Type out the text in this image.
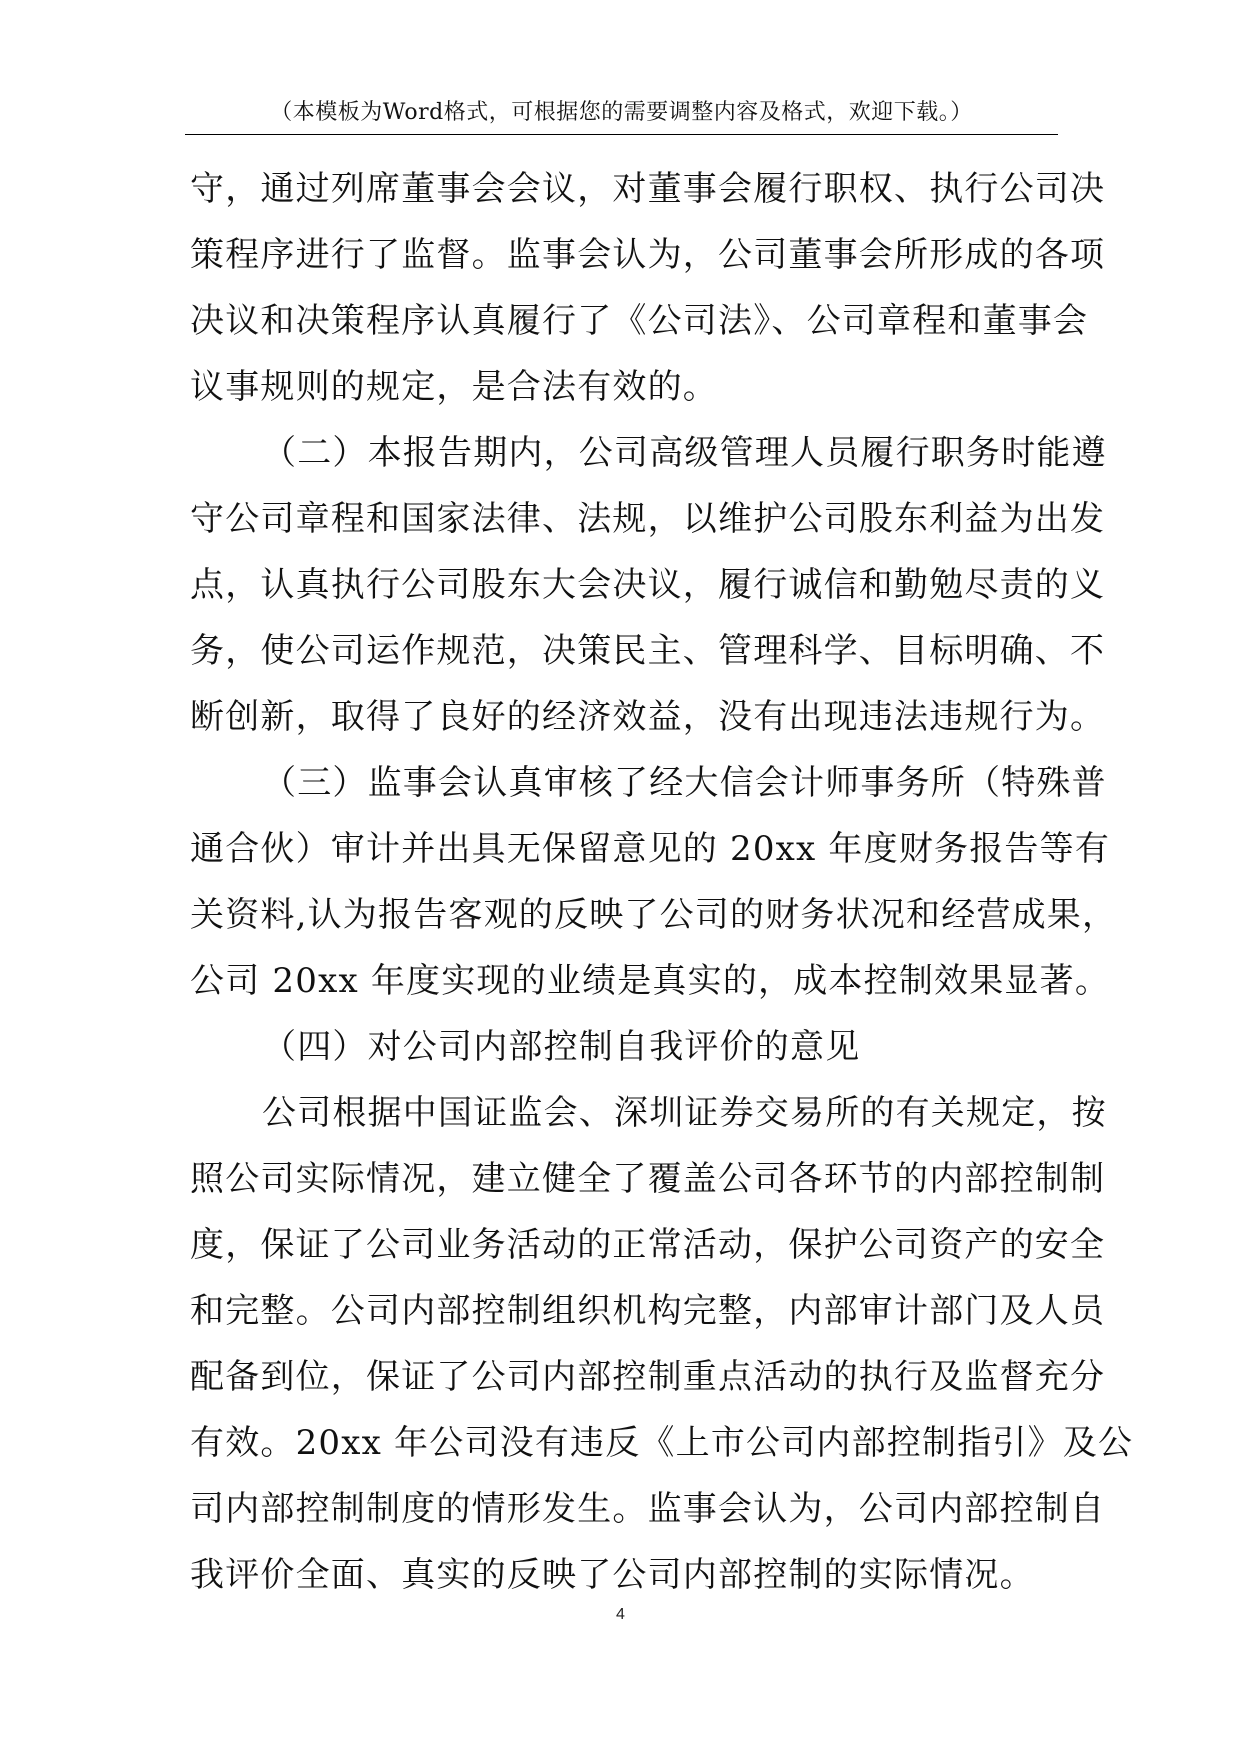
（本模板为Word格式，可根据您的需要调整内容及格式，欢迎下载。）
守，通过列席董事会会议，对董事会履行职权、执行公司决
策程序进行了监督。监事会认为，公司董事会所形成的各项
决议和决策程序认真履行了《公司法》、公司章程和董事会
议事规则的规定，是合法有效的。
（二）本报告期内，公司高级管理人员履行职务时能遵
守公司章程和国家法律、法规，以维护公司股东利益为出发
点，认真执行公司股东大会决议，履行诚信和勤勉尽责的义
务，使公司运作规范，决策民主、管理科学、目标明确、不
断创新，取得了良好的经济效益，没有出现违法违规行为。
（三）监事会认真审核了经大信会计师事务所（特殊普
通合伙）审计并出具无保留意见的 20xx 年度财务报告等有
关资料,认为报告客观的反映了公司的财务状况和经营成果，
公司 20xx 年度实现的业绩是真实的，成本控制效果显著。
（四）对公司内部控制自我评价的意见
公司根据中国证监会、深圳证券交易所的有关规定，按
照公司实际情况，建立健全了覆盖公司各环节的内部控制制
度，保证了公司业务活动的正常活动，保护公司资产的安全
和完整。公司内部控制组织机构完整，内部审计部门及人员
配备到位，保证了公司内部控制重点活动的执行及监督充分
有效。20xx 年公司没有违反《上市公司内部控制指引》及公
司内部控制制度的情形发生。监事会认为，公司内部控制自
我评价全面、真实的反映了公司内部控制的实际情况。
4
